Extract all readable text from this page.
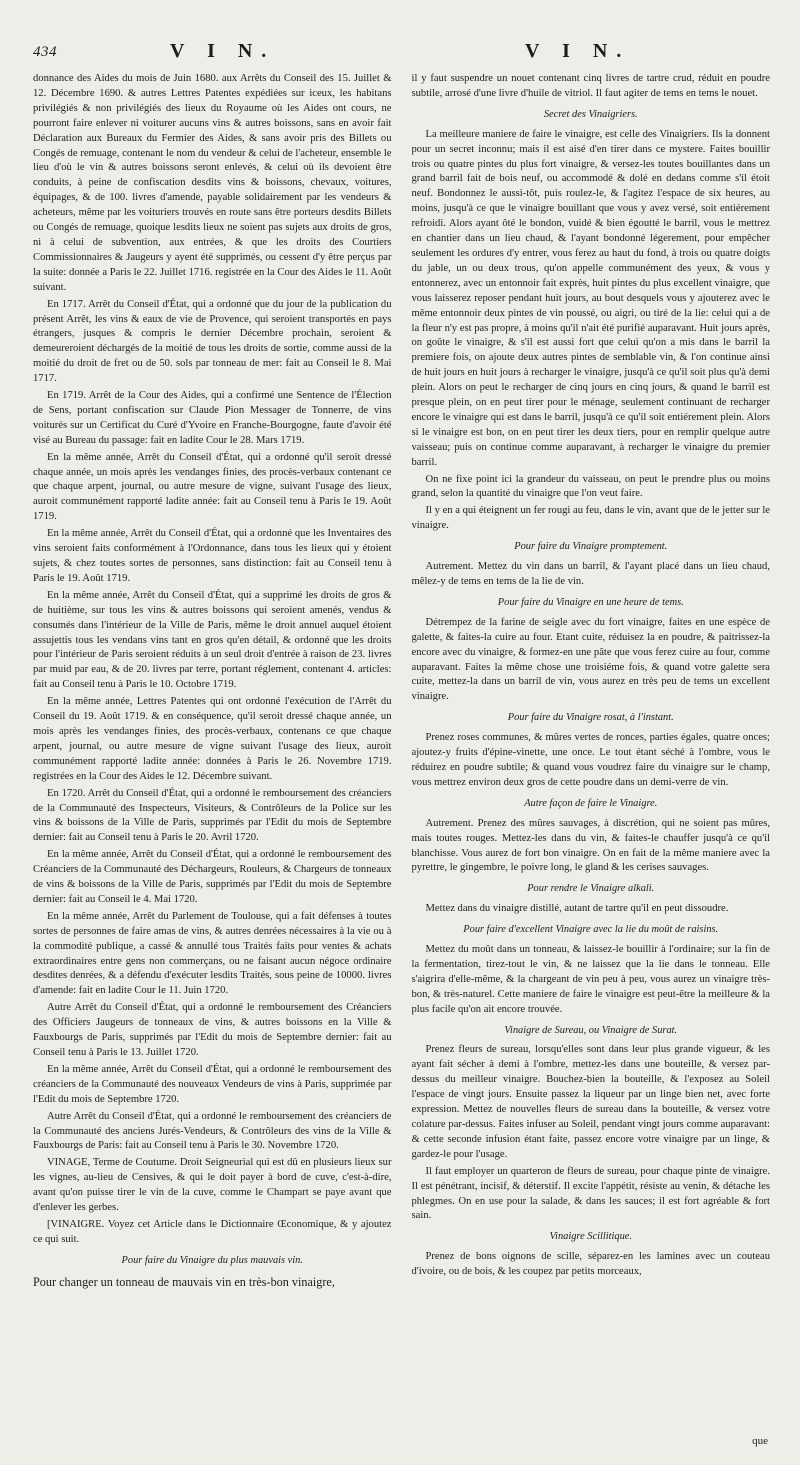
434	V I N.	V I N.

donnance des Aides du mois de Juin 1680. aux Arrêts du Conseil des 15. Juillet & 12. Décembre 1690. & autres Lettres Patentes expédiées sur iceux, les habitans privilégiés & non privilégiés des lieux du Royaume où les Aides ont cours, ne pourront faire enlever ni voiturer aucuns vins & autres boissons, sans en avoir fait Déclaration aux Bureaux du Fermier des Aides, & sans avoir pris des Billets ou Congés de remuage, contenant le nom du vendeur & celui de l'acheteur, ensemble le lieu d'où le vin & autres boissons seront enlevés, & celui où ils devoient être conduits, à peine de confiscation desdits vins & boissons, chevaux, voitures, équipages, & de 100. livres d'amende, payable solidairement par les vendeurs & acheteurs, même par les voituriers trouvés en route sans être porteurs desdits Billets ou Congés de remuage, quoique lesdits lieux ne soient pas sujets aux droits de gros, ni à celui de subvention, aux entrées, & que les droits des Courtiers Commissionnaires & Jaugeurs y ayent été supprimés, ou cessent d'y être perçus par la suite: donnée a Paris le 22. Juillet 1716. registrée en la Cour des Aides le 11. Août suivant.

En 1717. Arrêt du Conseil d'État, qui a ordonné que du jour de la publication du présent Arrêt, les vins & eaux de vie de Provence, qui seroient transportés en pays étrangers, jusques & compris le dernier Décembre prochain, seroient & demeureroient déchargés de la moitié de tous les droits de sortie, comme aussi de la moitié du droit de fret ou de 50. sols par tonneau de mer: fait au Conseil le 8. Mai 1717.

En 1719. Arrêt de la Cour des Aides, qui a confirmé une Sentence de l'Élection de Sens, portant confiscation sur Claude Pion Messager de Tonnerre, de vins voiturés sur un Certificat du Curé d'Yvoire en Franche-Bourgogne, faute d'avoir été visé au Bureau du passage: fait en ladite Cour le 28. Mars 1719.

En la même année, Arrêt du Conseil d'État, qui a ordonné qu'il seroit dressé chaque année, un mois après les vendanges finies, des procès-verbaux contenant ce que chaque arpent, journal, ou autre mesure de vigne, suivant l'usage des lieux, auroit communément rapporté ladite année: fait au Conseil tenu à Paris le 19. Août 1719.

En la même année, Arrêt du Conseil d'État, qui a ordonné que les Inventaires des vins seroient faits conformément à l'Ordonnance, dans tous les lieux qui y étoient sujets, & chez toutes sortes de personnes, sans distinction: fait au Conseil tenu à Paris le 19. Août 1719.

En la même année, Arrêt du Conseil d'État, qui a supprimé les droits de gros & de huitième, sur tous les vins & autres boissons qui seroient amenés, vendus & consumés dans l'intérieur de la Ville de Paris, même le droit annuel auquel étoient assujettis tous les vendans vins tant en gros qu'en détail, & ordonné que les droits pour l'intérieur de Paris seroient réduits à un seul droit d'entrée à raison de 23. livres par muid par eau, & de 20. livres par terre, portant réglement, contenant 4. articles: fait au Conseil tenu à Paris le 10. Octobre 1719.

En la même année, Lettres Patentes qui ont ordonné l'exécution de l'Arrêt du Conseil du 19. Août 1719. & en conséquence, qu'il seroit dressé chaque année, un mois après les vendanges finies, des procès-verbaux, contenans ce que chaque arpent, journal, ou autre mesure de vigne suivant l'usage des lieux, auroit communément rapporté ladite année: données à Paris le 26. Novembre 1719. registrées en la Cour des Aides le 12. Décembre suivant.

En 1720. Arrêt du Conseil d'État, qui a ordonné le remboursement des créanciers de la Communauté des Inspecteurs, Visiteurs, & Contrôleurs de la Police sur les vins & boissons de la Ville de Paris, supprimés par l'Edit du mois de Septembre dernier: fait au Conseil tenu à Paris le 20. Avril 1720.

En la même année, Arrêt du Conseil d'État, qui a ordonné le remboursement des Créanciers de la Communauté des Déchargeurs, Rouleurs, & Chargeurs de tonneaux de vins & boissons de la Ville de Paris, supprimés par l'Edit du mois de Septembre dernier: fait au Conseil le 4. Mai 1720.

En la même année, Arrêt du Parlement de Toulouse, qui a fait défenses à toutes sortes de personnes de faire amas de vins, & autres denrées nécessaires à la vie ou à la commodité publique, a cassé & annullé tous Traités faits pour ventes & achats extraordinaires entre gens non commerçans, ou ne faisant aucun négoce ordinaire desdites denrées, & a défendu d'exécuter lesdits Traités, sous peine de 10000. livres d'amende: fait en ladite Cour le 11. Juin 1720.

Autre Arrêt du Conseil d'État, qui a ordonné le remboursement des Créanciers des Officiers Jaugeurs de tonneaux de vins, & autres boissons en la Ville & Fauxbourgs de Paris, supprimés par l'Edit du mois de Septembre dernier: fait au Conseil tenu à Paris le 13. Juillet 1720.

En la même année, Arrêt du Conseil d'État, qui a ordonné le remboursement des créanciers de la Communauté des nouveaux Vendeurs de vins à Paris, supprimée par l'Edit du mois de Septembre 1720.

Autre Arrêt du Conseil d'État, qui a ordonné le remboursement des créanciers de la Communauté des anciens Jurés-Vendeurs, & Contrôleurs des vins de la Ville & Fauxbourgs de Paris: fait au Conseil tenu à Paris le 30. Novembre 1720.

VINAGE, Terme de Coutume. Droit Seigneurial qui est dû en plusieurs lieux sur les vignes, au-lieu de Censives, & qui le doit payer à bord de cuve, c'est-à-dire, avant qu'on puisse tirer le vin de la cuve, comme le Champart se paye avant que d'enlever les gerbes.

[VINAIGRE. Voyez cet Article dans le Dictionnaire Œconomique, & y ajoutez ce qui suit.

Pour faire du Vinaigre du plus mauvais vin.

Pour changer un tonneau de mauvais vin en très-bon vinaigre,

il y faut suspendre un nouet contenant cinq livres de tartre crud, réduit en poudre subtile, arrosé d'une livre d'huile de vitriol. Il faut agiter de tems en tems le nouet.

Secret des Vinaigriers.

La meilleure maniere de faire le vinaigre, est celle des Vinaigriers. Ils la donnent pour un secret inconnu; mais il est aisé d'en tirer dans ce mystere. Faites bouillir trois ou quatre pintes du plus fort vinaigre, & versez-les toutes bouillantes dans un grand barril fait de bois neuf, ou accommodé & dolé en dedans comme s'il étoit neuf. Bondonnez le aussi-tôt, puis roulez-le, & l'agitez l'espace de six heures, au moins, jusqu'à ce que le vinaigre bouillant que vous y avez versé, soit entiérement refroidi. Alors ayant ôté le bondon, vuidé & bien égoutté le barril, vous le mettrez en chantier dans un lieu chaud, & l'ayant bondonné légerement, pour empêcher seulement les ordures d'y entrer, vous ferez au haut du fond, à trois ou quatre doigts du jable, un ou deux trous, qu'on appelle communément des yeux, & vous y entonnerez, avec un entonnoir fait exprès, huit pintes du plus excellent vinaigre, que vous laisserez reposer pendant huit jours, au bout desquels vous y ajouterez avec le même entonnoir deux pintes de vin poussé, ou aigri, ou tiré de la lie: celui qui a de la fleur n'y est pas propre, à moins qu'il n'ait été purifié auparavant. Huit jours après, on goûte le vinaigre, & s'il est aussi fort que celui qu'on a mis dans le barril la premiere fois, on ajoute deux autres pintes de semblable vin, & l'on continue ainsi de huit jours en huit jours à recharger le vinaigre, jusqu'à ce qu'il soit plus qu'à demi plein. Alors on peut le recharger de cinq jours en cinq jours, & quand le barril est presque plein, on en peut tirer pour le ménage, seulement continuant de recharger encore le vinaigre qui est dans le barril, jusqu'à ce qu'il soit entiérement plein. Alors si le vinaigre est bon, on en peut tirer les deux tiers, pour en remplir quelque autre vaisseau; puis on continue comme auparavant, à recharger le vinaigre du premier barril.

On ne fixe point ici la grandeur du vaisseau, on peut le prendre plus ou moins grand, selon la quantité du vinaigre que l'on veut faire.

Il y en a qui éteignent un fer rougi au feu, dans le vin, avant que de le jetter sur le vinaigre.

Pour faire du Vinaigre promptement.

Autrement. Mettez du vin dans un barril, & l'ayant placé dans un lieu chaud, mêlez-y de tems en tems de la lie de vin.

Pour faire du Vinaigre en une heure de tems.

Détrempez de la farine de seigle avec du fort vinaigre, faites en une espèce de galette, & faites-la cuire au four. Etant cuite, réduisez la en poudre, & paitrissez-la encore avec du vinaigre, & formez-en une pâte que vous ferez cuire au four, comme auparavant. Faites la même chose une troisiéme fois, & quand votre galette sera cuite, mettez-la dans un barril de vin, vous aurez en très peu de tems un excellent vinaigre.

Pour faire du Vinaigre rosat, à l'instant.

Prenez roses communes, & mûres vertes de ronces, parties égales, quatre onces; ajoutez-y fruits d'épine-vinette, une once. Le tout étant séché à l'ombre, vous le réduirez en poudre subtile; & quand vous voudrez faire du vinaigre sur le champ, vous mettrez environ deux gros de cette poudre dans un demi-verre de vin.

Autre façon de faire le Vinaigre.

Autrement. Prenez des mûres sauvages, à discrétion, qui ne soient pas mûres, mais toutes rouges. Mettez-les dans du vin, & faites-le chauffer jusqu'à ce qu'il blanchisse. Vous aurez de fort bon vinaigre. On en fait de la même maniere avec la pyrettre, le gingembre, le poivre long, le gland & les cerises sauvages.

Pour rendre le Vinaigre alkali.

Mettez dans du vinaigre distillé, autant de tartre qu'il en peut dissoudre.

Pour faire d'excellent Vinaigre avec la lie du moût de raisins.

Mettez du moût dans un tonneau, & laissez-le bouillir à l'ordinaire; sur la fin de la fermentation, tirez-tout le vin, & ne laissez que la lie dans le tonneau. Elle s'aigrira d'elle-même, & la chargeant de vin peu à peu, vous aurez un vinaigre très-bon, & très-naturel. Cette maniere de faire le vinaigre est peut-être la meilleure & la plus facile qu'on ait encore trouvée.

Vinaigre de Sureau, ou Vinaigre de Surat.

Prenez fleurs de sureau, lorsqu'elles sont dans leur plus grande vigueur, & les ayant fait sécher à demi à l'ombre, mettez-les dans une bouteille, & versez par-dessus du meilleur vinaigre. Bouchez-bien la bouteille, & l'exposez au Soleil l'espace de vingt jours. Ensuite passez la liqueur par un linge bien net, avec forte expression. Mettez de nouvelles fleurs de sureau dans la bouteille, & versez votre colature par-dessus. Faites infuser au Soleil, pendant vingt jours comme auparavant: & cette seconde infusion étant faite, passez encore votre vinaigre par un linge, & gardez-le pour l'usage.

Il faut employer un quarteron de fleurs de sureau, pour chaque pinte de vinaigre. Il est pénétrant, incisif, & déterstif. Il excite l'appétit, résiste au venin, & détache les phlegmes. On en use pour la salade, & dans les sauces; il est fort agréable & fort sain.

Vinaigre Scillitique.

Prenez de bons oignons de scille, séparez-en les lamines avec un couteau d'ivoire, ou de bois, & les coupez par petits morceaux,

que
